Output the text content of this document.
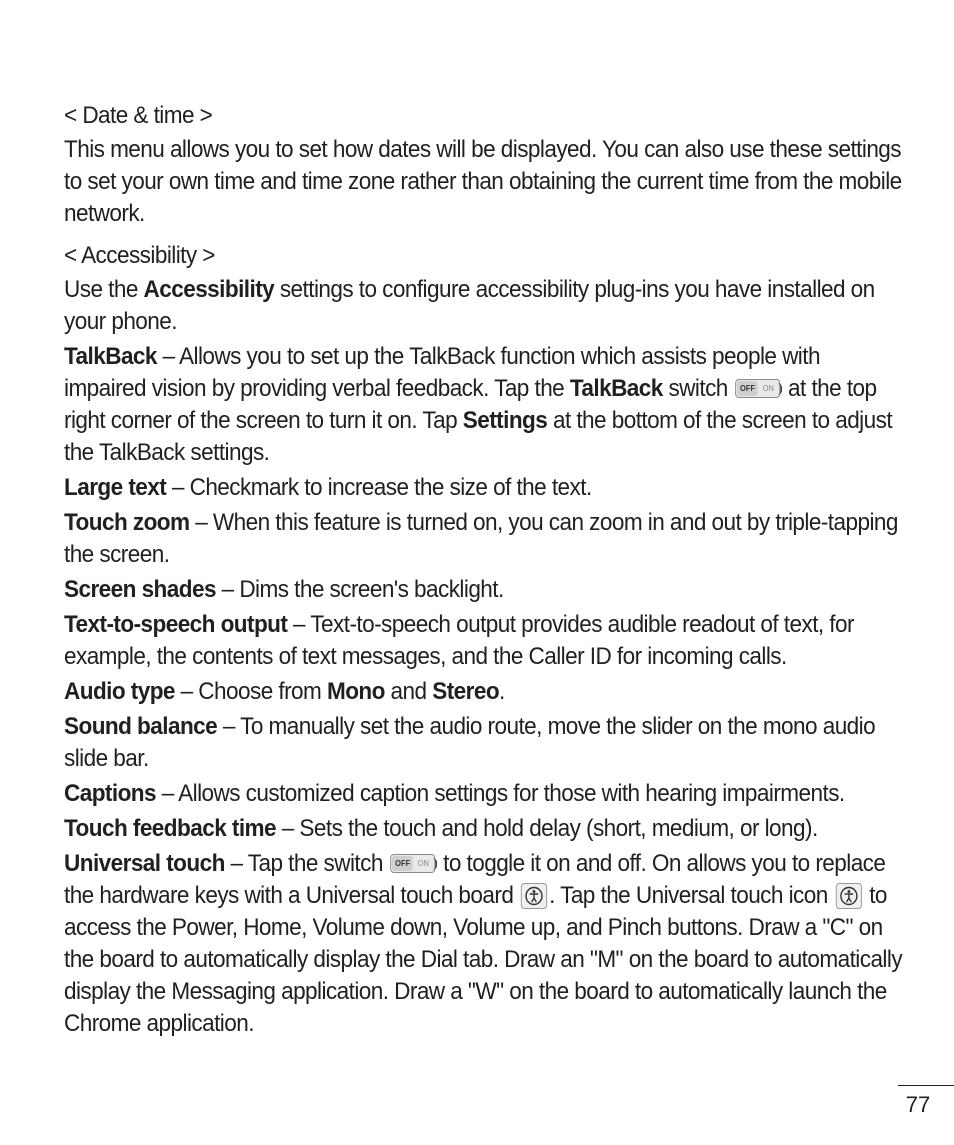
< Date & time >

This menu allows you to set how dates will be displayed. You can also use these settings to set your own time and time zone rather than obtaining the current time from the mobile network.

< Accessibility >

Use the Accessibility settings to configure accessibility plug-ins you have installed on your phone.

TalkBack – Allows you to set up the TalkBack function which assists people with impaired vision by providing verbal feedback. Tap the TalkBack switch OFF ON at the top right corner of the screen to turn it on. Tap Settings at the bottom of the screen to adjust the TalkBack settings.

Large text – Checkmark to increase the size of the text.

Touch zoom – When this feature is turned on, you can zoom in and out by triple-tapping the screen.

Screen shades – Dims the screen's backlight.

Text-to-speech output – Text-to-speech output provides audible readout of text, for example, the contents of text messages, and the Caller ID for incoming calls.

Audio type – Choose from Mono and Stereo.

Sound balance – To manually set the audio route, move the slider on the mono audio slide bar.

Captions – Allows customized caption settings for those with hearing impairments.

Touch feedback time – Sets the touch and hold delay (short, medium, or long).

Universal touch – Tap the switch OFF ON to toggle it on and off. On allows you to replace the hardware keys with a Universal touch board
. Tap the Universal touch icon
to access the Power, Home, Volume down, Volume up, and Pinch buttons. Draw a "C" on the board to automatically display the Dial tab. Draw an "M" on the board to automatically display the Messaging application. Draw a "W" on the board to automatically launch the Chrome application.

77
